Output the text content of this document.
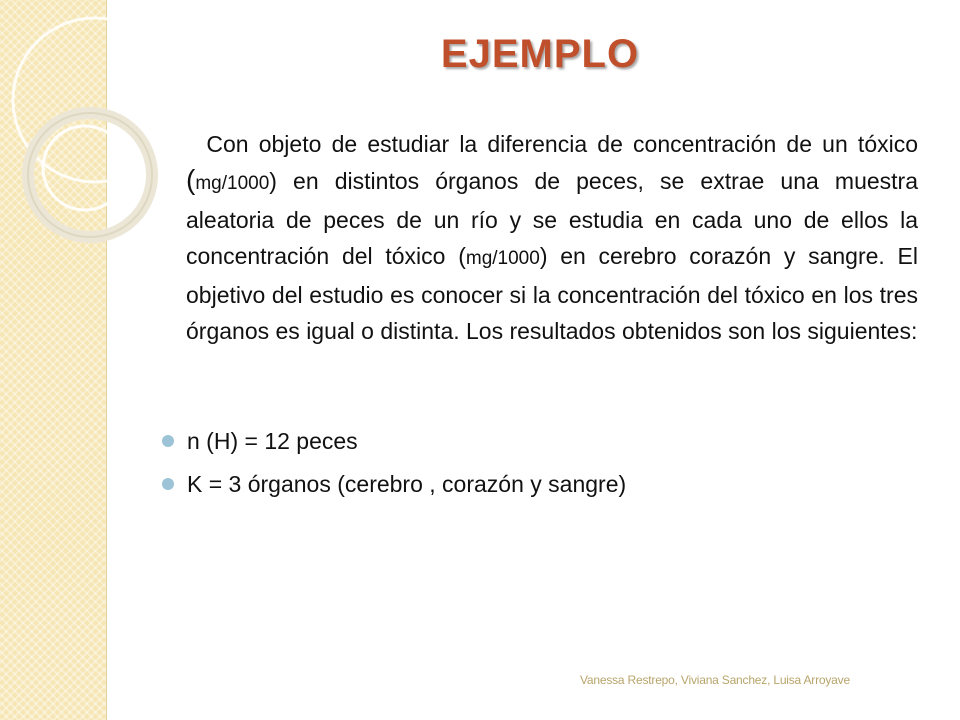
EJEMPLO
Con objeto de estudiar la diferencia de concentración de un tóxico (mg/1000) en distintos órganos de peces, se extrae una muestra aleatoria de peces de un río y se estudia en cada uno de ellos la concentración del tóxico (mg/1000) en cerebro corazón y sangre. El objetivo del estudio es conocer si la concentración del tóxico en los tres órganos es igual o distinta. Los resultados obtenidos son los siguientes:
n (H) = 12 peces
K = 3 órganos (cerebro , corazón y sangre)
Vanessa Restrepo, Viviana Sanchez, Luisa Arroyave
